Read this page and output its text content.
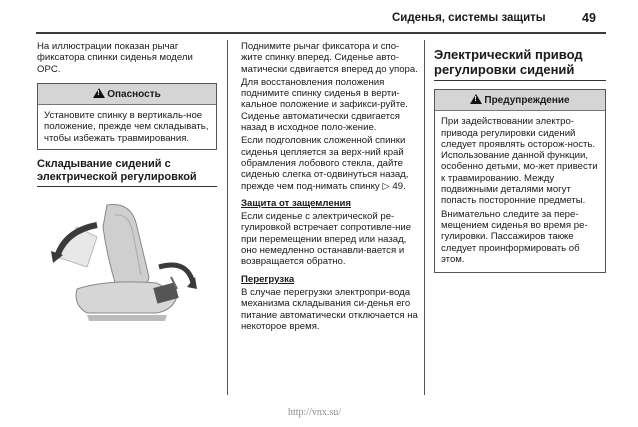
Сиденья, системы защиты	49

На иллюстрации показан рычаг фиксатора спинки сиденья модели OPC.

!Опасность
Установите спинку в вертикаль-ное положение, прежде чем складывать, чтобы избежать травмирования.
Складывание сидений с электрической регулировкой

Поднимите рычаг фиксатора и спо-жите спинку вперед. Сиденье авто-матически сдвигается вперед до упора.

Для восстановления положения поднимите спинку сиденья в верти-кальное положение и зафикси-руйте. Сиденье автоматически сдвигается назад в исходное поло-жение.

Если подголовник сложенной спинки сиденья цепляется за верх-ний край обрамления лобового стекла, дайте сиденью слегка от-одвинуться назад, прежде чем под-нимать спинку ▷ 49.

Защита от защемления

Если сиденье с электрической ре-гулировкой встречает сопротивле-ние при перемещении вперед или назад, оно немедленно останавли-вается и возвращается обратно.

Перегрузка

В случае перегрузки электропри-вода механизма складывания си-денья его питание автоматически отключается на некоторое время.

Электрический привод регулировки сидений
!Предупреждение

При задействовании электро-привода регулировки сидений следует проявлять осторож-ность. Использование данной функции, особенно детьми, мо-жет привести к травмированию. Между подвижными деталями могут попасть посторонние предметы.

Внимательно следите за пере-мещением сиденья во время ре-гулировки. Пассажиров также следует проинформировать об этом.

http://vnx.su/
